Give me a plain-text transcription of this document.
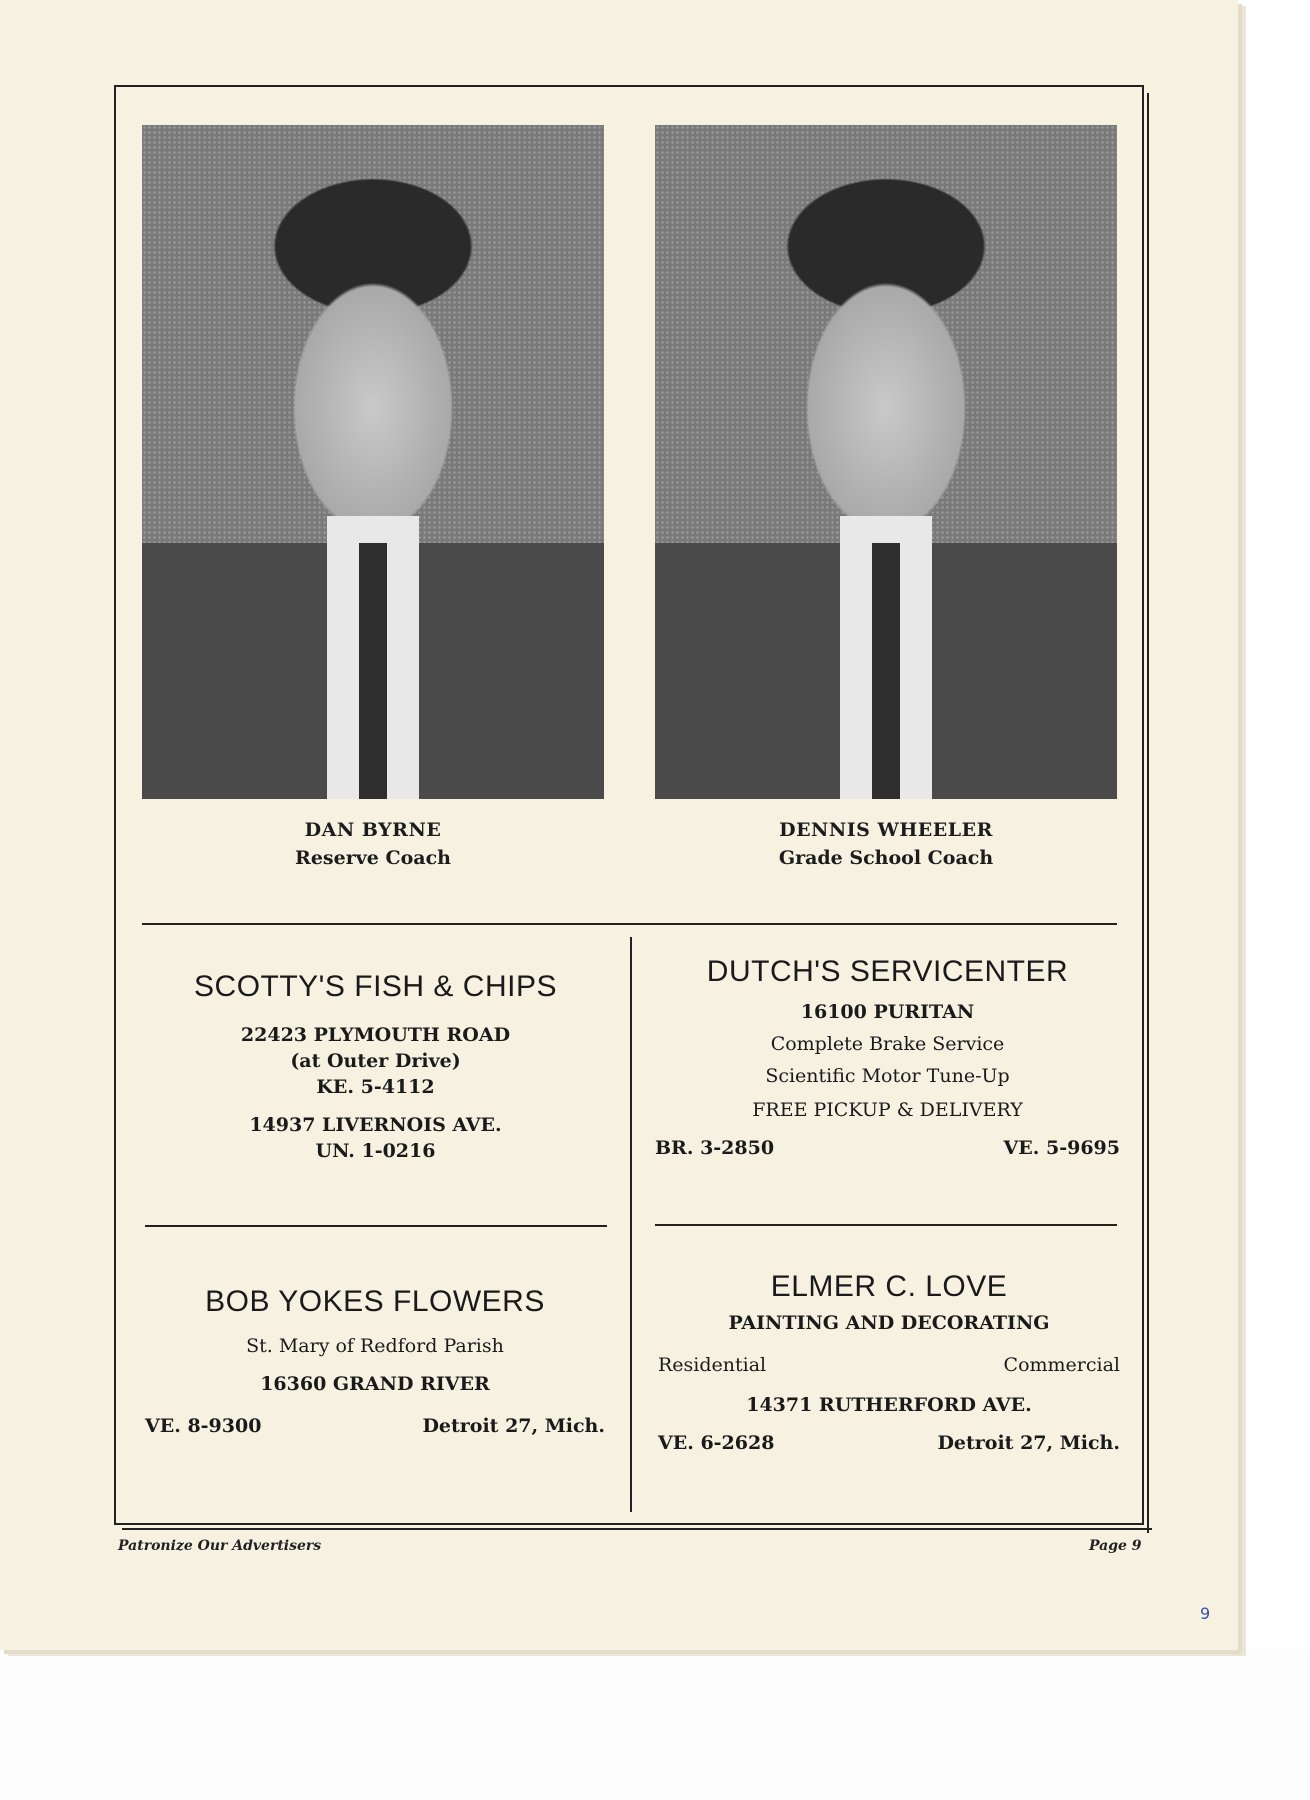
DAN BYRNE
Reserve Coach
DENNIS WHEELER
Grade School Coach
SCOTTY'S FISH & CHIPS
22423 PLYMOUTH ROAD
(at Outer Drive)
KE. 5-4112
14937 LIVERNOIS AVE.
UN. 1-0216
DUTCH'S SERVICENTER
16100 PURITAN
Complete Brake Service
Scientific Motor Tune-Up
FREE PICKUP & DELIVERY
BR. 3-2850	VE. 5-9695
BOB YOKES FLOWERS
St. Mary of Redford Parish
16360 GRAND RIVER
VE. 8-9300	Detroit 27, Mich.
ELMER C. LOVE
PAINTING AND DECORATING
Residential	Commercial
14371 RUTHERFORD AVE.
VE. 6-2628	Detroit 27, Mich.
Patronize Our Advertisers	Page 9
9
